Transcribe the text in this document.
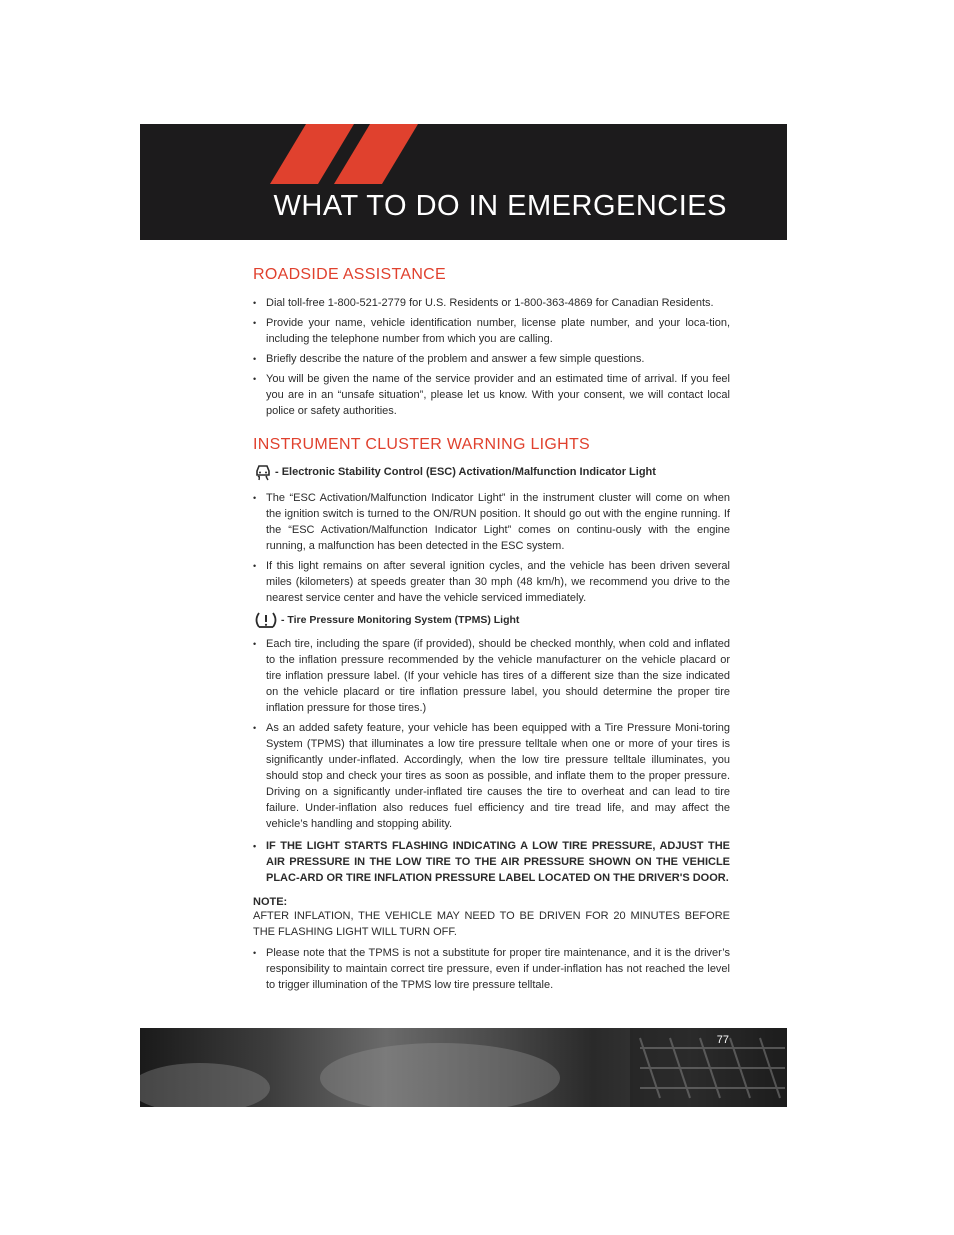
WHAT TO DO IN EMERGENCIES
ROADSIDE ASSISTANCE
• Dial toll-free 1-800-521-2779 for U.S. Residents or 1-800-363-4869 for Canadian Residents.
• Provide your name, vehicle identification number, license plate number, and your loca-tion, including the telephone number from which you are calling.
• Briefly describe the nature of the problem and answer a few simple questions.
• You will be given the name of the service provider and an estimated time of arrival. If you feel you are in an “unsafe situation”, please let us know. With your consent, we will contact local police or safety authorities.
INSTRUMENT CLUSTER WARNING LIGHTS
- Electronic Stability Control (ESC) Activation/Malfunction Indicator Light
• The “ESC Activation/Malfunction Indicator Light” in the instrument cluster will come on when the ignition switch is turned to the ON/RUN position. It should go out with the engine running. If the “ESC Activation/Malfunction Indicator Light” comes on continu-ously with the engine running, a malfunction has been detected in the ESC system.
• If this light remains on after several ignition cycles, and the vehicle has been driven several miles (kilometers) at speeds greater than 30 mph (48 km/h), we recommend you drive to the nearest service center and have the vehicle serviced immediately.
- Tire Pressure Monitoring System (TPMS) Light
• Each tire, including the spare (if provided), should be checked monthly, when cold and inflated to the inflation pressure recommended by the vehicle manufacturer on the vehicle placard or tire inflation pressure label. (If your vehicle has tires of a different size than the size indicated on the vehicle placard or tire inflation pressure label, you should determine the proper tire inflation pressure for those tires.)
• As an added safety feature, your vehicle has been equipped with a Tire Pressure Moni-toring System (TPMS) that illuminates a low tire pressure telltale when one or more of your tires is significantly under-inflated. Accordingly, when the low tire pressure telltale illuminates, you should stop and check your tires as soon as possible, and inflate them to the proper pressure. Driving on a significantly under-inflated tire causes the tire to overheat and can lead to tire failure. Under-inflation also reduces fuel efficiency and tire tread life, and may affect the vehicle’s handling and stopping ability.
• IF THE LIGHT STARTS FLASHING INDICATING A LOW TIRE PRESSURE, ADJUST THE AIR PRESSURE IN THE LOW TIRE TO THE AIR PRESSURE SHOWN ON THE VEHICLE PLAC-ARD OR TIRE INFLATION PRESSURE LABEL LOCATED ON THE DRIVER'S DOOR.

NOTE:

AFTER INFLATION, THE VEHICLE MAY NEED TO BE DRIVEN FOR 20 MINUTES BEFORE THE FLASHING LIGHT WILL TURN OFF.

• Please note that the TPMS is not a substitute for proper tire maintenance, and it is the driver’s responsibility to maintain correct tire pressure, even if under-inflation has not reached the level to trigger illumination of the TPMS low tire pressure telltale.
77
